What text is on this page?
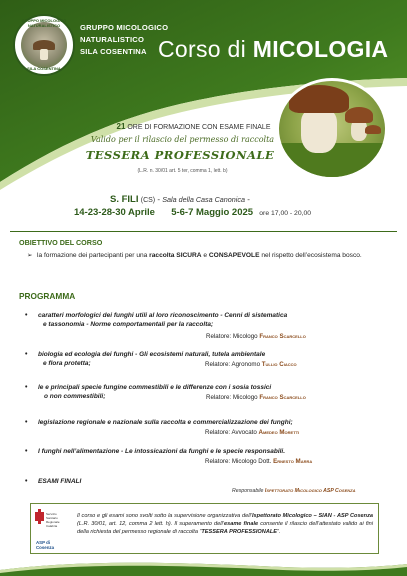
GRUPPO MICOLOGICO NATURALISTICO
SILA COSENTINA
GRUPPO MICOLOGICO
NATURALISTICO
SILA COSENTINA Corso di MICOLOGIA
21 ORE DI FORMAZIONE CON ESAME FINALE
Valido per il rilascio del permesso di raccolta
TESSERA PROFESSIONALE
(L.R. n. 30/01 art. 5 ter, comma 1, lett. b)
S. FILI (CS) - Sala della Casa Canonica -
14-23-28-30 Aprile 5-6-7 Maggio 2025 ore 17,00 - 20,00
OBIETTIVO DEL CORSO
➢ la formazione dei partecipanti per una raccolta SICURA e CONSAPEVOLE nel rispetto dell’ecosistema bosco.
PROGRAMMA
• caratteri morfologici dei funghi utili al loro riconoscimento - Cenni di sistematica
e tassonomia - Norme comportamentali per la raccolta;
Relatore: Micologo Franco Scarcello
• biologia ed ecologia dei funghi - Gli ecosistemi naturali, tutela ambientale
e flora protetta;	Relatore: Agronomo Tullio Ciacco
• le e principali specie fungine commestibili e le differenze con i sosia tossici
o non commestibili;	Relatore: Micologo Franco Scarcello
• legislazione regionale e nazionale sulla raccolta e commercializzazione dei funghi;
Relatore: Avvocato Amedeo Moretti
• I funghi nell’alimentazione - Le intossicazioni da funghi e le specie responsabili.
Relatore: Micologo Dott. Ernesto Marra
Responsabile Ispettorato Micologico ASP Cosenza
• ESAMI FINALI
Servizio
Sanitario
Regionale
Calabria
ASP di Cosenza
Il corso e gli esami sono svolti sotto la supervisione organizzativa dell’Ispettorato Micologico – SIAN - ASP Cosenza (L.R. 30/01, art. 12, comma 2 lett. h). Il superamento dell’esame finale consente il rilascio dell’attestato valido ai fini della richiesta del permesso regionale di raccolta “TESSERA PROFESSIONALE”.
